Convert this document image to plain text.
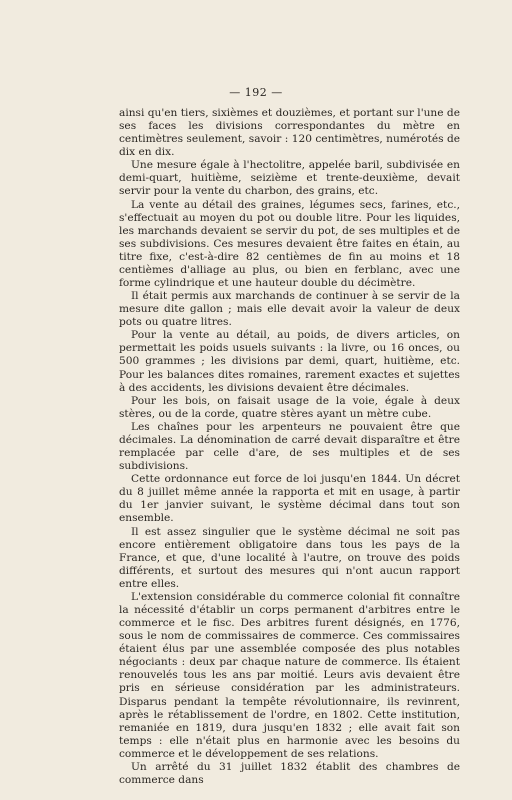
— 192 —

ainsi qu'en tiers, sixièmes et douzièmes, et portant sur l'une de ses faces les divisions correspondantes du mètre en centimètres seulement, savoir : 120 centimètres, numérotés de dix en dix.

Une mesure égale à l'hectolitre, appelée baril, subdivisée en demi-quart, huitième, seizième et trente-deuxième, devait servir pour la vente du charbon, des grains, etc.

La vente au détail des graines, légumes secs, farines, etc., s'effectuait au moyen du pot ou double litre. Pour les liquides, les marchands devaient se servir du pot, de ses multiples et de ses subdivisions. Ces mesures devaient être faites en étain, au titre fixe, c'est-à-dire 82 centièmes de fin au moins et 18 centièmes d'alliage au plus, ou bien en ferblanc, avec une forme cylindrique et une hauteur double du décimètre.

Il était permis aux marchands de continuer à se servir de la mesure dite gallon ; mais elle devait avoir la valeur de deux pots ou quatre litres.

Pour la vente au détail, au poids, de divers articles, on permettait les poids usuels suivants : la livre, ou 16 onces, ou 500 grammes ; les divisions par demi, quart, huitième, etc. Pour les balances dites romaines, rarement exactes et sujettes à des accidents, les divisions devaient être décimales.

Pour les bois, on faisait usage de la voie, égale à deux stères, ou de la corde, quatre stères ayant un mètre cube.

Les chaînes pour les arpenteurs ne pouvaient être que décimales. La dénomination de carré devait disparaître et être remplacée par celle d'are, de ses multiples et de ses subdivisions.

Cette ordonnance eut force de loi jusqu'en 1844. Un décret du 8 juillet même année la rapporta et mit en usage, à partir du 1er janvier suivant, le système décimal dans tout son ensemble.

Il est assez singulier que le système décimal ne soit pas encore entièrement obligatoire dans tous les pays de la France, et que, d'une localité à l'autre, on trouve des poids différents, et surtout des mesures qui n'ont aucun rapport entre elles.

L'extension considérable du commerce colonial fit connaître la nécessité d'établir un corps permanent d'arbitres entre le commerce et le fisc. Des arbitres furent désignés, en 1776, sous le nom de commissaires de commerce. Ces commissaires étaient élus par une assemblée composée des plus notables négociants : deux par chaque nature de commerce. Ils étaient renouvelés tous les ans par moitié. Leurs avis devaient être pris en sérieuse considération par les administrateurs. Disparus pendant la tempête révolutionnaire, ils revinrent, après le rétablissement de l'ordre, en 1802. Cette institution, remaniée en 1819, dura jusqu'en 1832 ; elle avait fait son temps : elle n'était plus en harmonie avec les besoins du commerce et le développement de ses relations.

Un arrêté du 31 juillet 1832 établit des chambres de commerce dans
